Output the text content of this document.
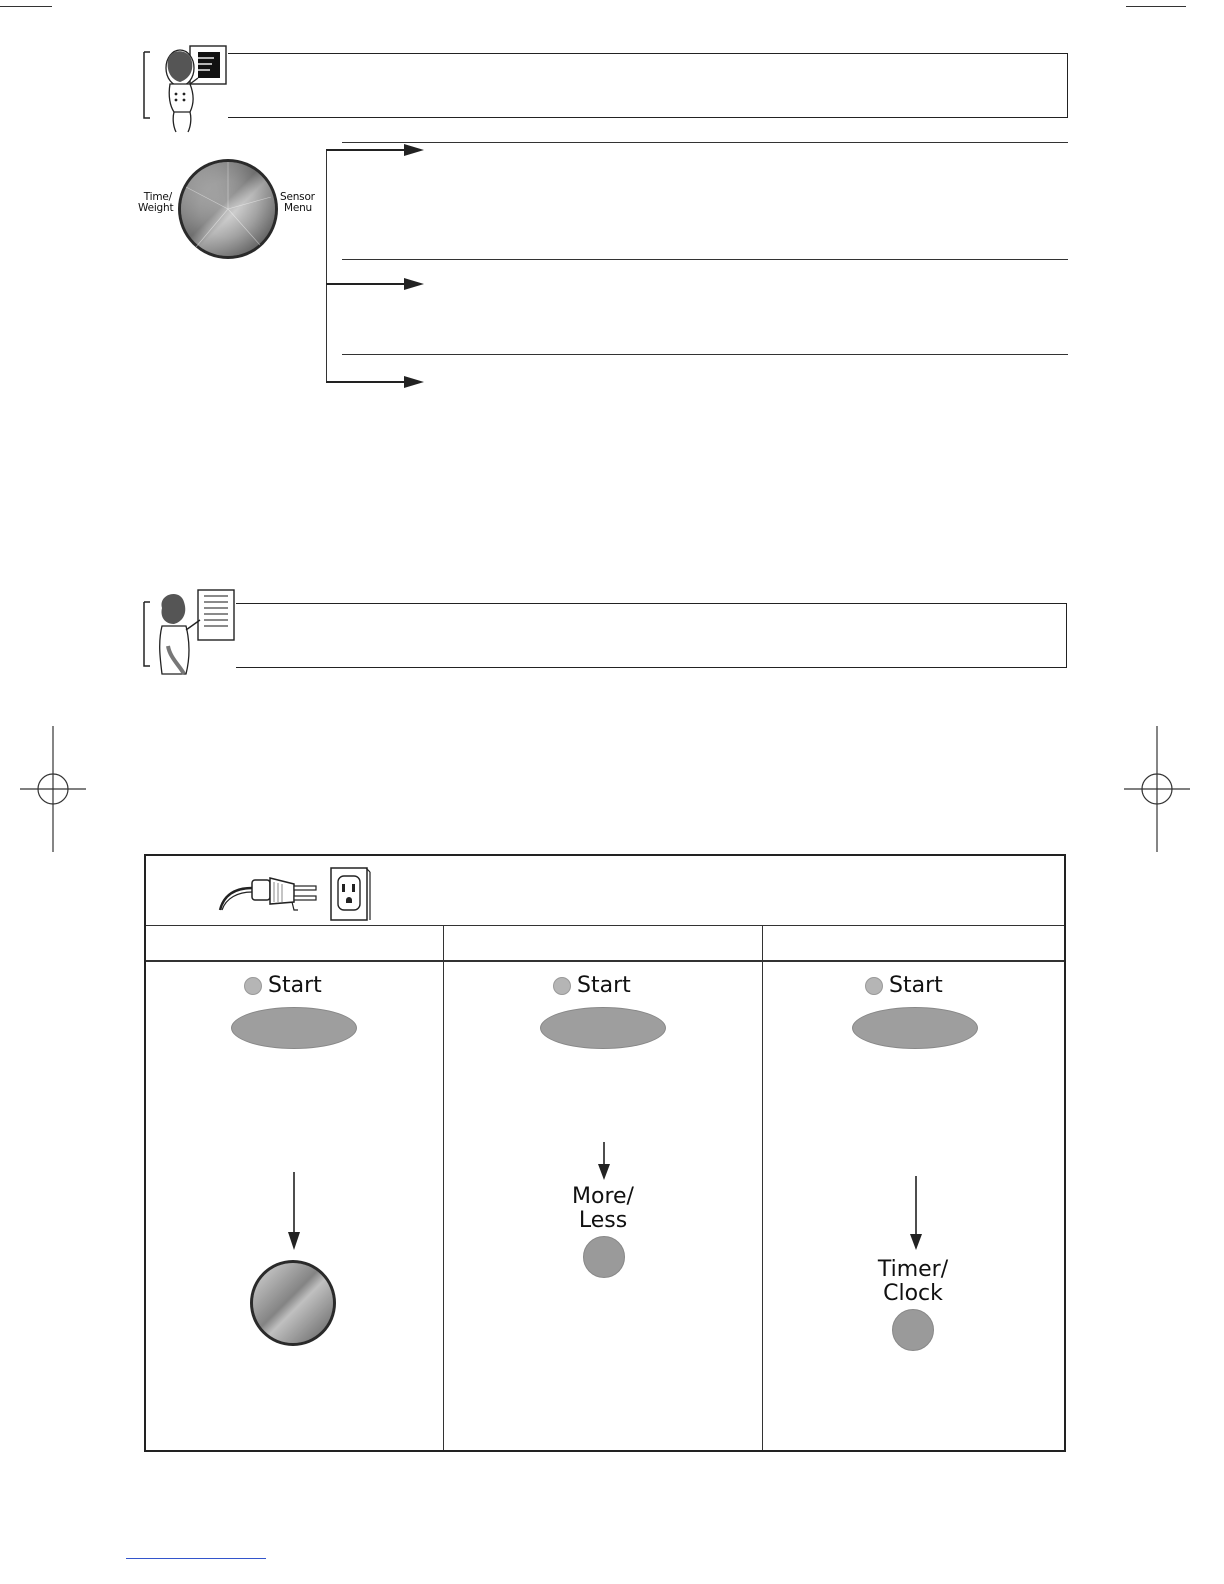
Time/
Weight
Sensor
Menu
Start	Start
More/
Less
Start
Timer/
Clock
